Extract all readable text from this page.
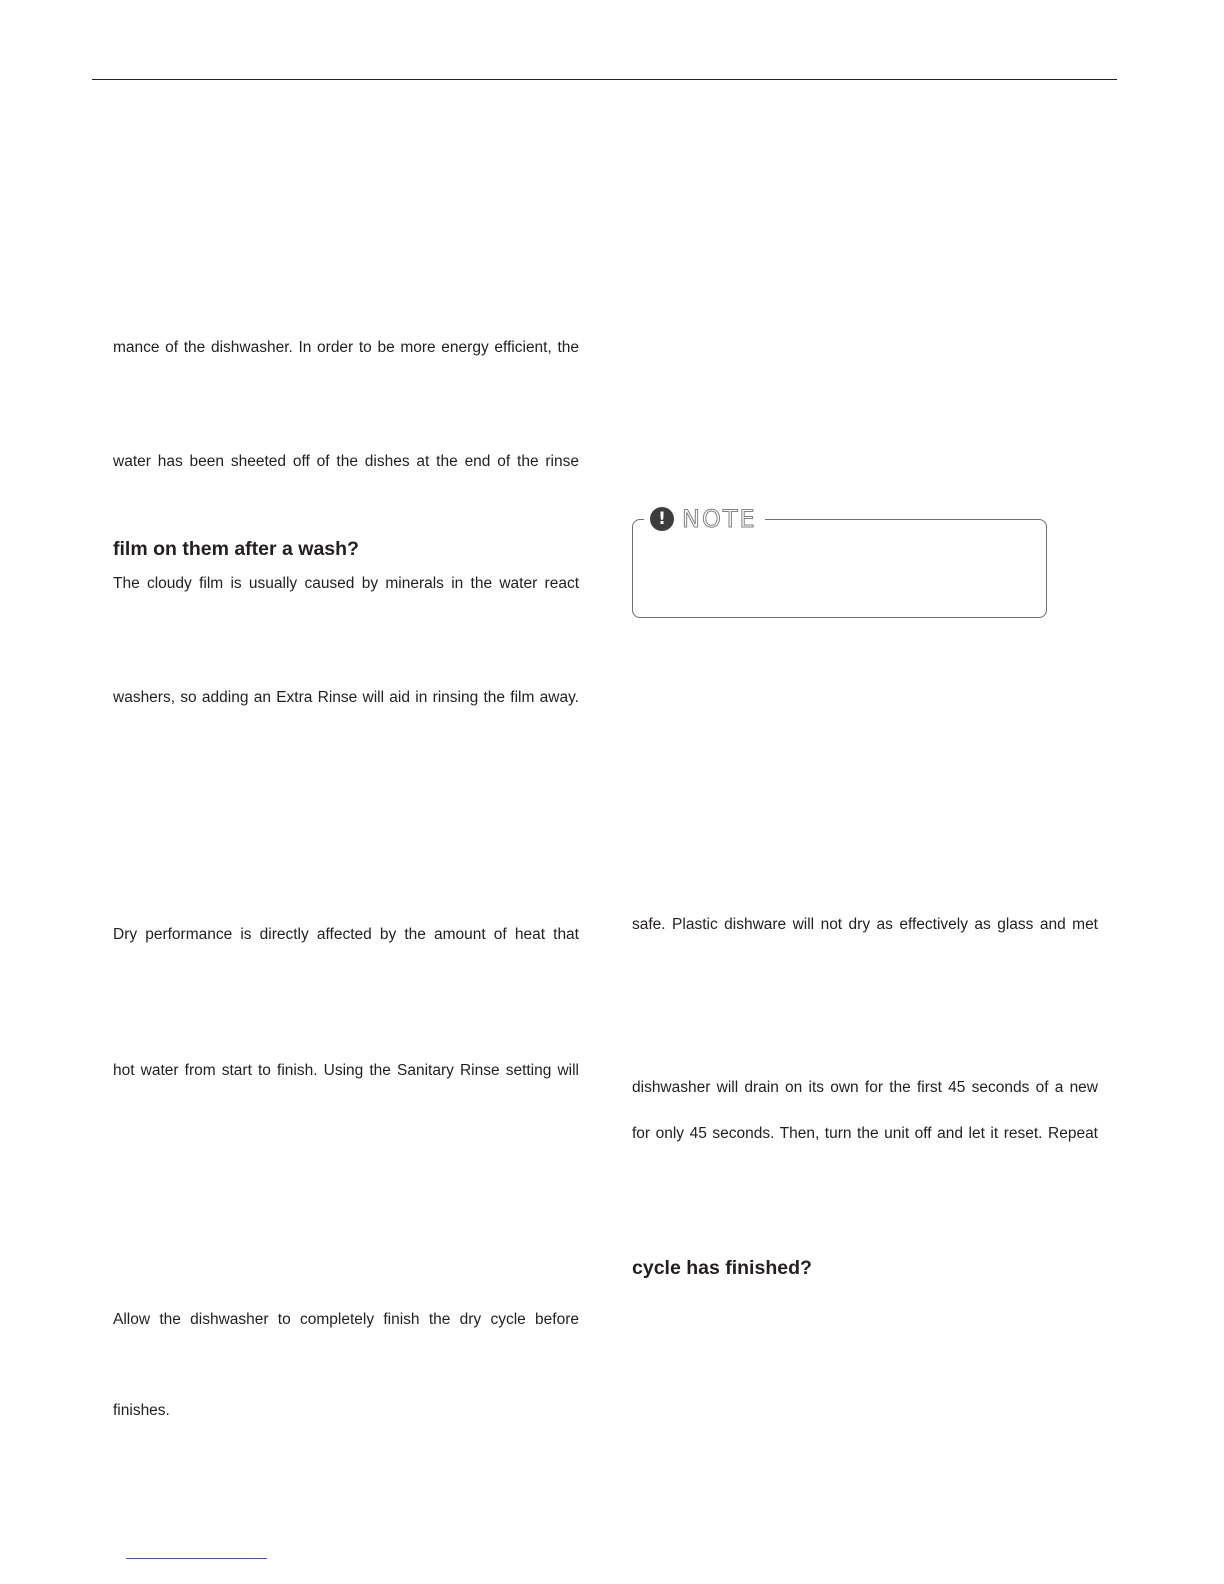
mance of the dishwasher. In order to be more energy efficient, the
water has been sheeted off of the dishes at the end of the rinse
film on them after a wash?
The cloudy film is usually caused by minerals in the water react
washers, so adding an Extra Rinse will aid in rinsing the film away.
Dry performance is directly affected by the amount of heat that
hot water from start to finish. Using the Sanitary Rinse setting will
Allow the dishwasher to completely finish the dry cycle before
finishes.
! NOTE
safe. Plastic dishware will not dry as effectively as glass and met
dishwasher will drain on its own for the first 45 seconds of a new
for only 45 seconds. Then, turn the unit off and let it reset. Repeat
cycle has finished?
